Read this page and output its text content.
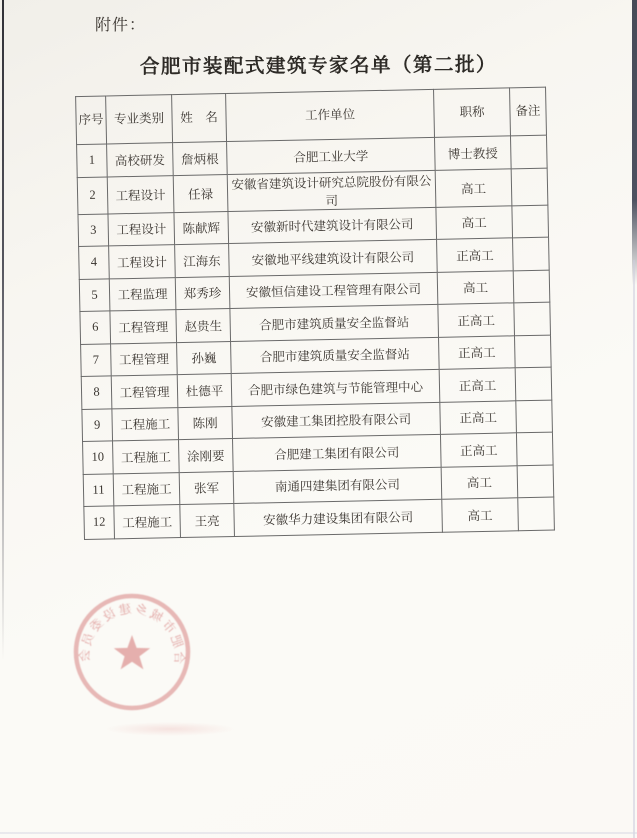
附件：
合肥市装配式建筑专家名单（第二批）
序号	专业类别	姓　名	工作单位	职称	备注
1	高校研发	詹炳根	合肥工业大学	博士教授	
2	工程设计	任禄	安徽省建筑设计研究总院股份有限公司	高工	
3	工程设计	陈献辉	安徽新时代建筑设计有限公司	高工	
4	工程设计	江海东	安徽地平线建筑设计有限公司	正高工	
5	工程监理	郑秀珍	安徽恒信建设工程管理有限公司	高工	
6	工程管理	赵贵生	合肥市建筑质量安全监督站	正高工	
7	工程管理	孙巍	合肥市建筑质量安全监督站	正高工	
8	工程管理	杜德平	合肥市绿色建筑与节能管理中心	正高工	
9	工程施工	陈刚	安徽建工集团控股有限公司	正高工	
10	工程施工	涂刚要	合肥建工集团有限公司	正高工	
11	工程施工	张军	南通四建集团有限公司	高工	
12	工程施工	王亮	安徽华力建设集团有限公司	高工	
合肥市城乡建设委员会
